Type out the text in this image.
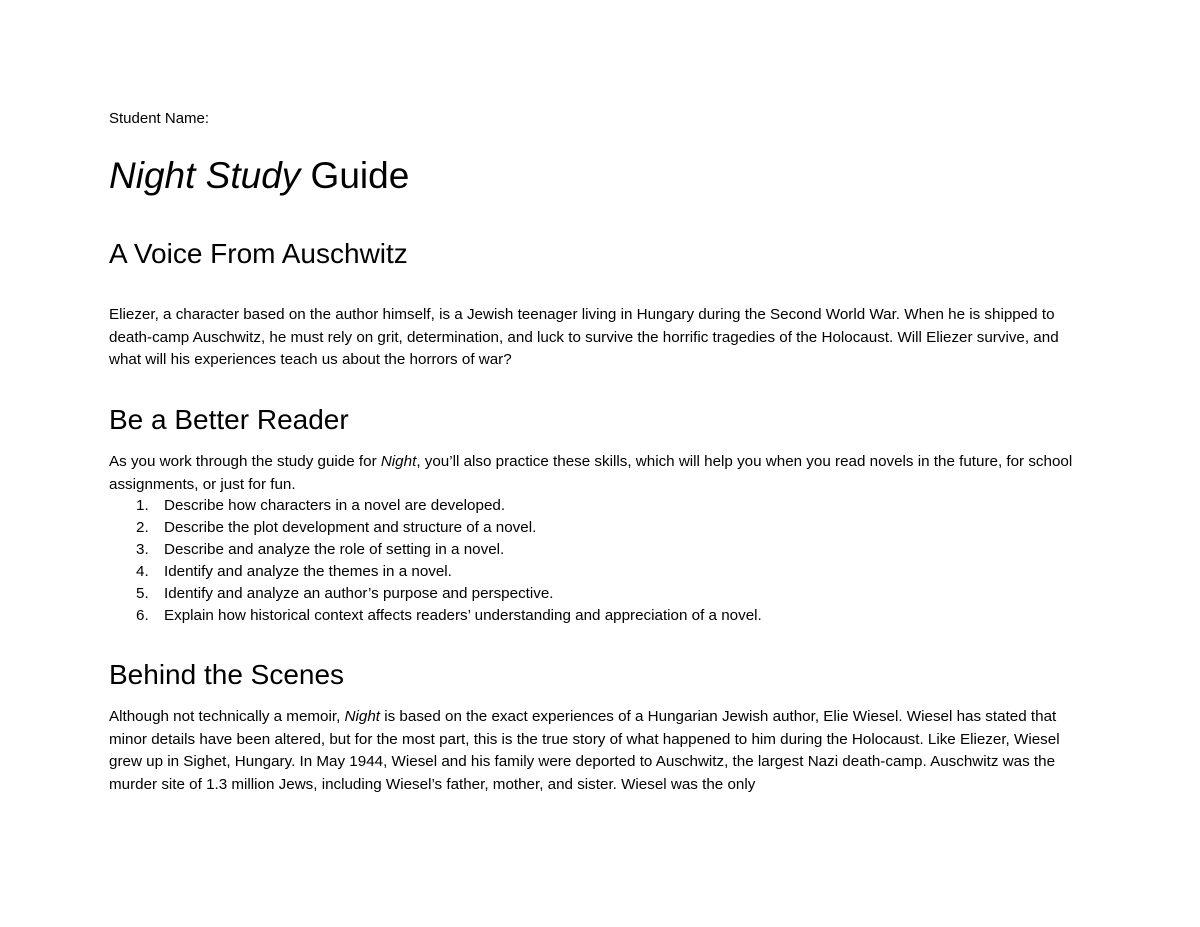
Student Name:
Night Study Guide
A Voice From Auschwitz

Eliezer, a character based on the author himself, is a Jewish teenager living in Hungary during the Second World War. When he is shipped to death-camp Auschwitz, he must rely on grit, determination, and luck to survive the horrific tragedies of the Holocaust. Will Eliezer survive, and what will his experiences teach us about the horrors of war?

Be a Better Reader

As you work through the study guide for Night, you’ll also practice these skills, which will help you when you read novels in the future, for school assignments, or just for fun.

1.	Describe how characters in a novel are developed.
2.	Describe the plot development and structure of a novel.
3.	Describe and analyze the role of setting in a novel.
4.	Identify and analyze the themes in a novel.
5.	Identify and analyze an author’s purpose and perspective.
6.	Explain how historical context affects readers’ understanding and appreciation of a novel.
Behind the Scenes

Although not technically a memoir, Night is based on the exact experiences of a Hungarian Jewish author, Elie Wiesel. Wiesel has stated that minor details have been altered, but for the most part, this is the true story of what happened to him during the Holocaust. Like Eliezer, Wiesel grew up in Sighet, Hungary. In May 1944, Wiesel and his family were deported to Auschwitz, the largest Nazi death-camp. Auschwitz was the murder site of 1.3 million Jews, including Wiesel’s father, mother, and sister. Wiesel was the only
